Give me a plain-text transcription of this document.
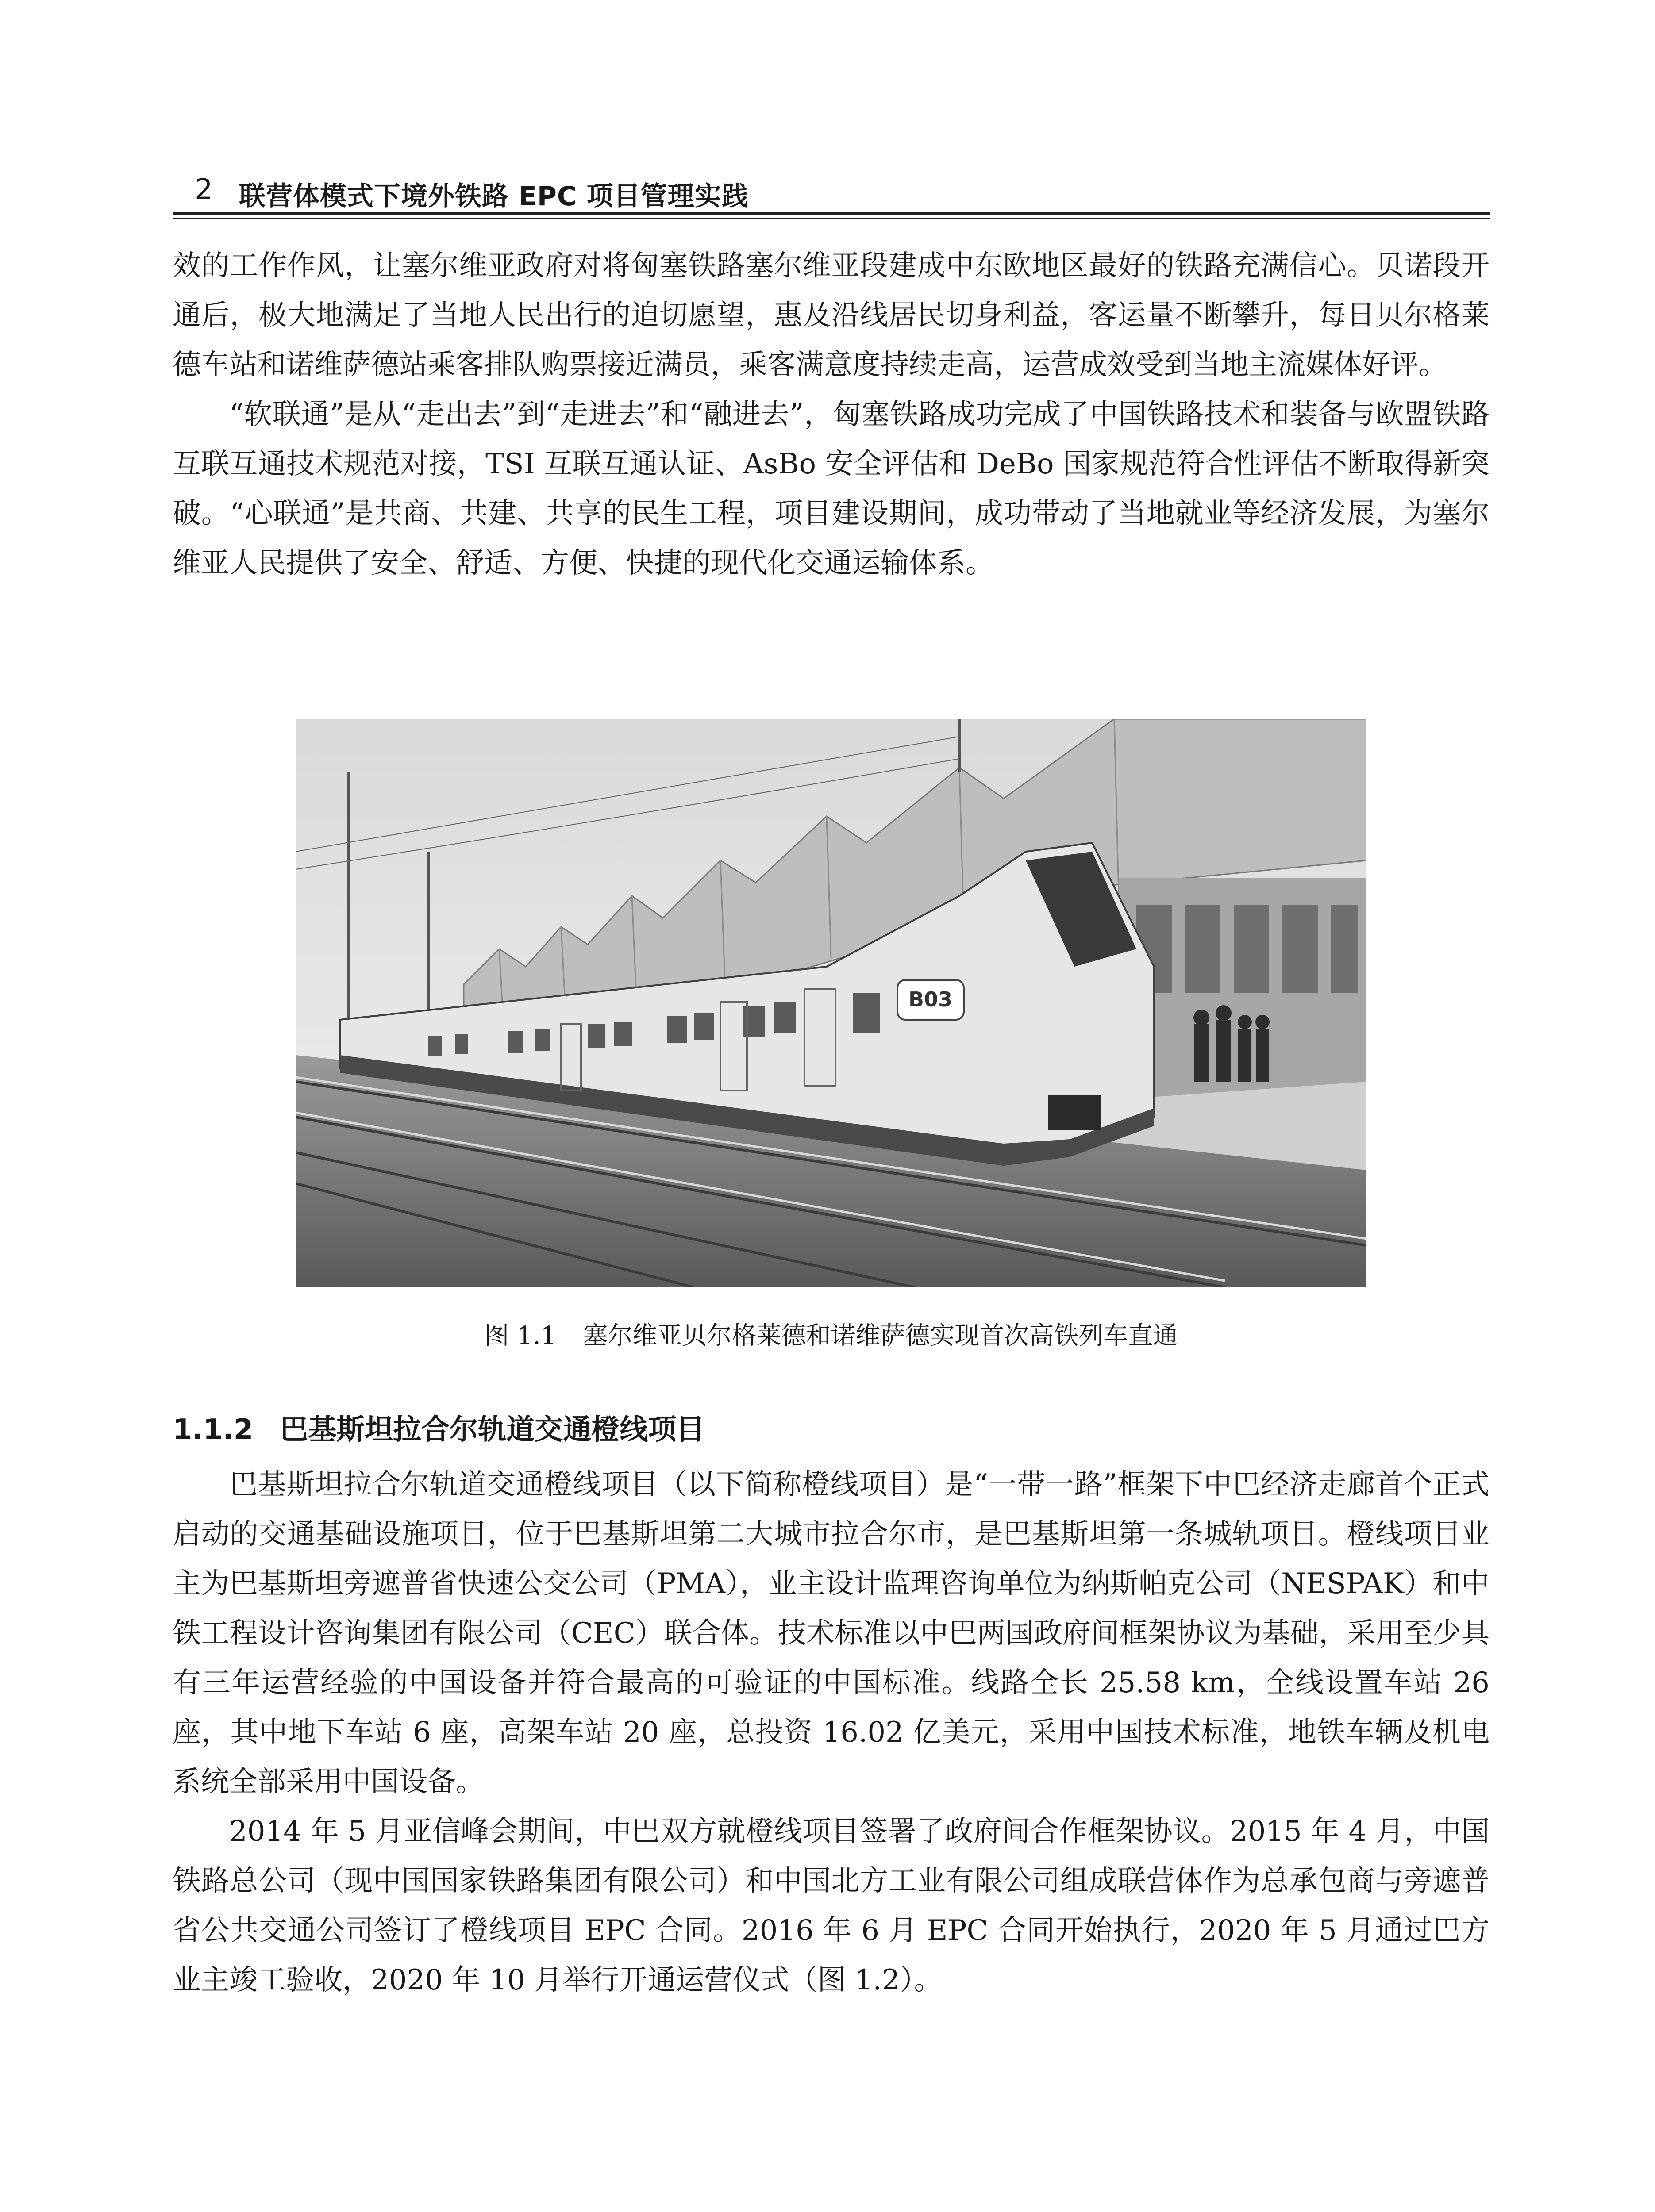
2 联营体模式下境外铁路 EPC 项目管理实践

效的工作作风，让塞尔维亚政府对将匈塞铁路塞尔维亚段建成中东欧地区最好的铁路充满信心。贝诺段开通后，极大地满足了当地人民出行的迫切愿望，惠及沿线居民切身利益，客运量不断攀升，每日贝尔格莱德车站和诺维萨德站乘客排队购票接近满员，乘客满意度持续走高，运营成效受到当地主流媒体好评。

“软联通”是从“走出去”到“走进去”和“融进去”，匈塞铁路成功完成了中国铁路技术和装备与欧盟铁路互联互通技术规范对接，TSI 互联互通认证、AsBo 安全评估和 DeBo 国家规范符合性评估不断取得新突破。“心联通”是共商、共建、共享的民生工程，项目建设期间，成功带动了当地就业等经济发展，为塞尔维亚人民提供了安全、舒适、方便、快捷的现代化交通运输体系。

B03
图 1.1 塞尔维亚贝尔格莱德和诺维萨德实现首次高铁列车直通
1.1.2 巴基斯坦拉合尔轨道交通橙线项目

巴基斯坦拉合尔轨道交通橙线项目（以下简称橙线项目）是“一带一路”框架下中巴经济走廊首个正式启动的交通基础设施项目，位于巴基斯坦第二大城市拉合尔市，是巴基斯坦第一条城轨项目。橙线项目业主为巴基斯坦旁遮普省快速公交公司（PMA），业主设计监理咨询单位为纳斯帕克公司（NESPAK）和中铁工程设计咨询集团有限公司（CEC）联合体。技术标准以中巴两国政府间框架协议为基础，采用至少具有三年运营经验的中国设备并符合最高的可验证的中国标准。线路全长 25.58 km，全线设置车站 26 座，其中地下车站 6 座，高架车站 20 座，总投资 16.02 亿美元，采用中国技术标准，地铁车辆及机电系统全部采用中国设备。

2014 年 5 月亚信峰会期间，中巴双方就橙线项目签署了政府间合作框架协议。2015 年 4 月，中国铁路总公司（现中国国家铁路集团有限公司）和中国北方工业有限公司组成联营体作为总承包商与旁遮普省公共交通公司签订了橙线项目 EPC 合同。2016 年 6 月 EPC 合同开始执行，2020 年 5 月通过巴方业主竣工验收，2020 年 10 月举行开通运营仪式（图 1.2）。
